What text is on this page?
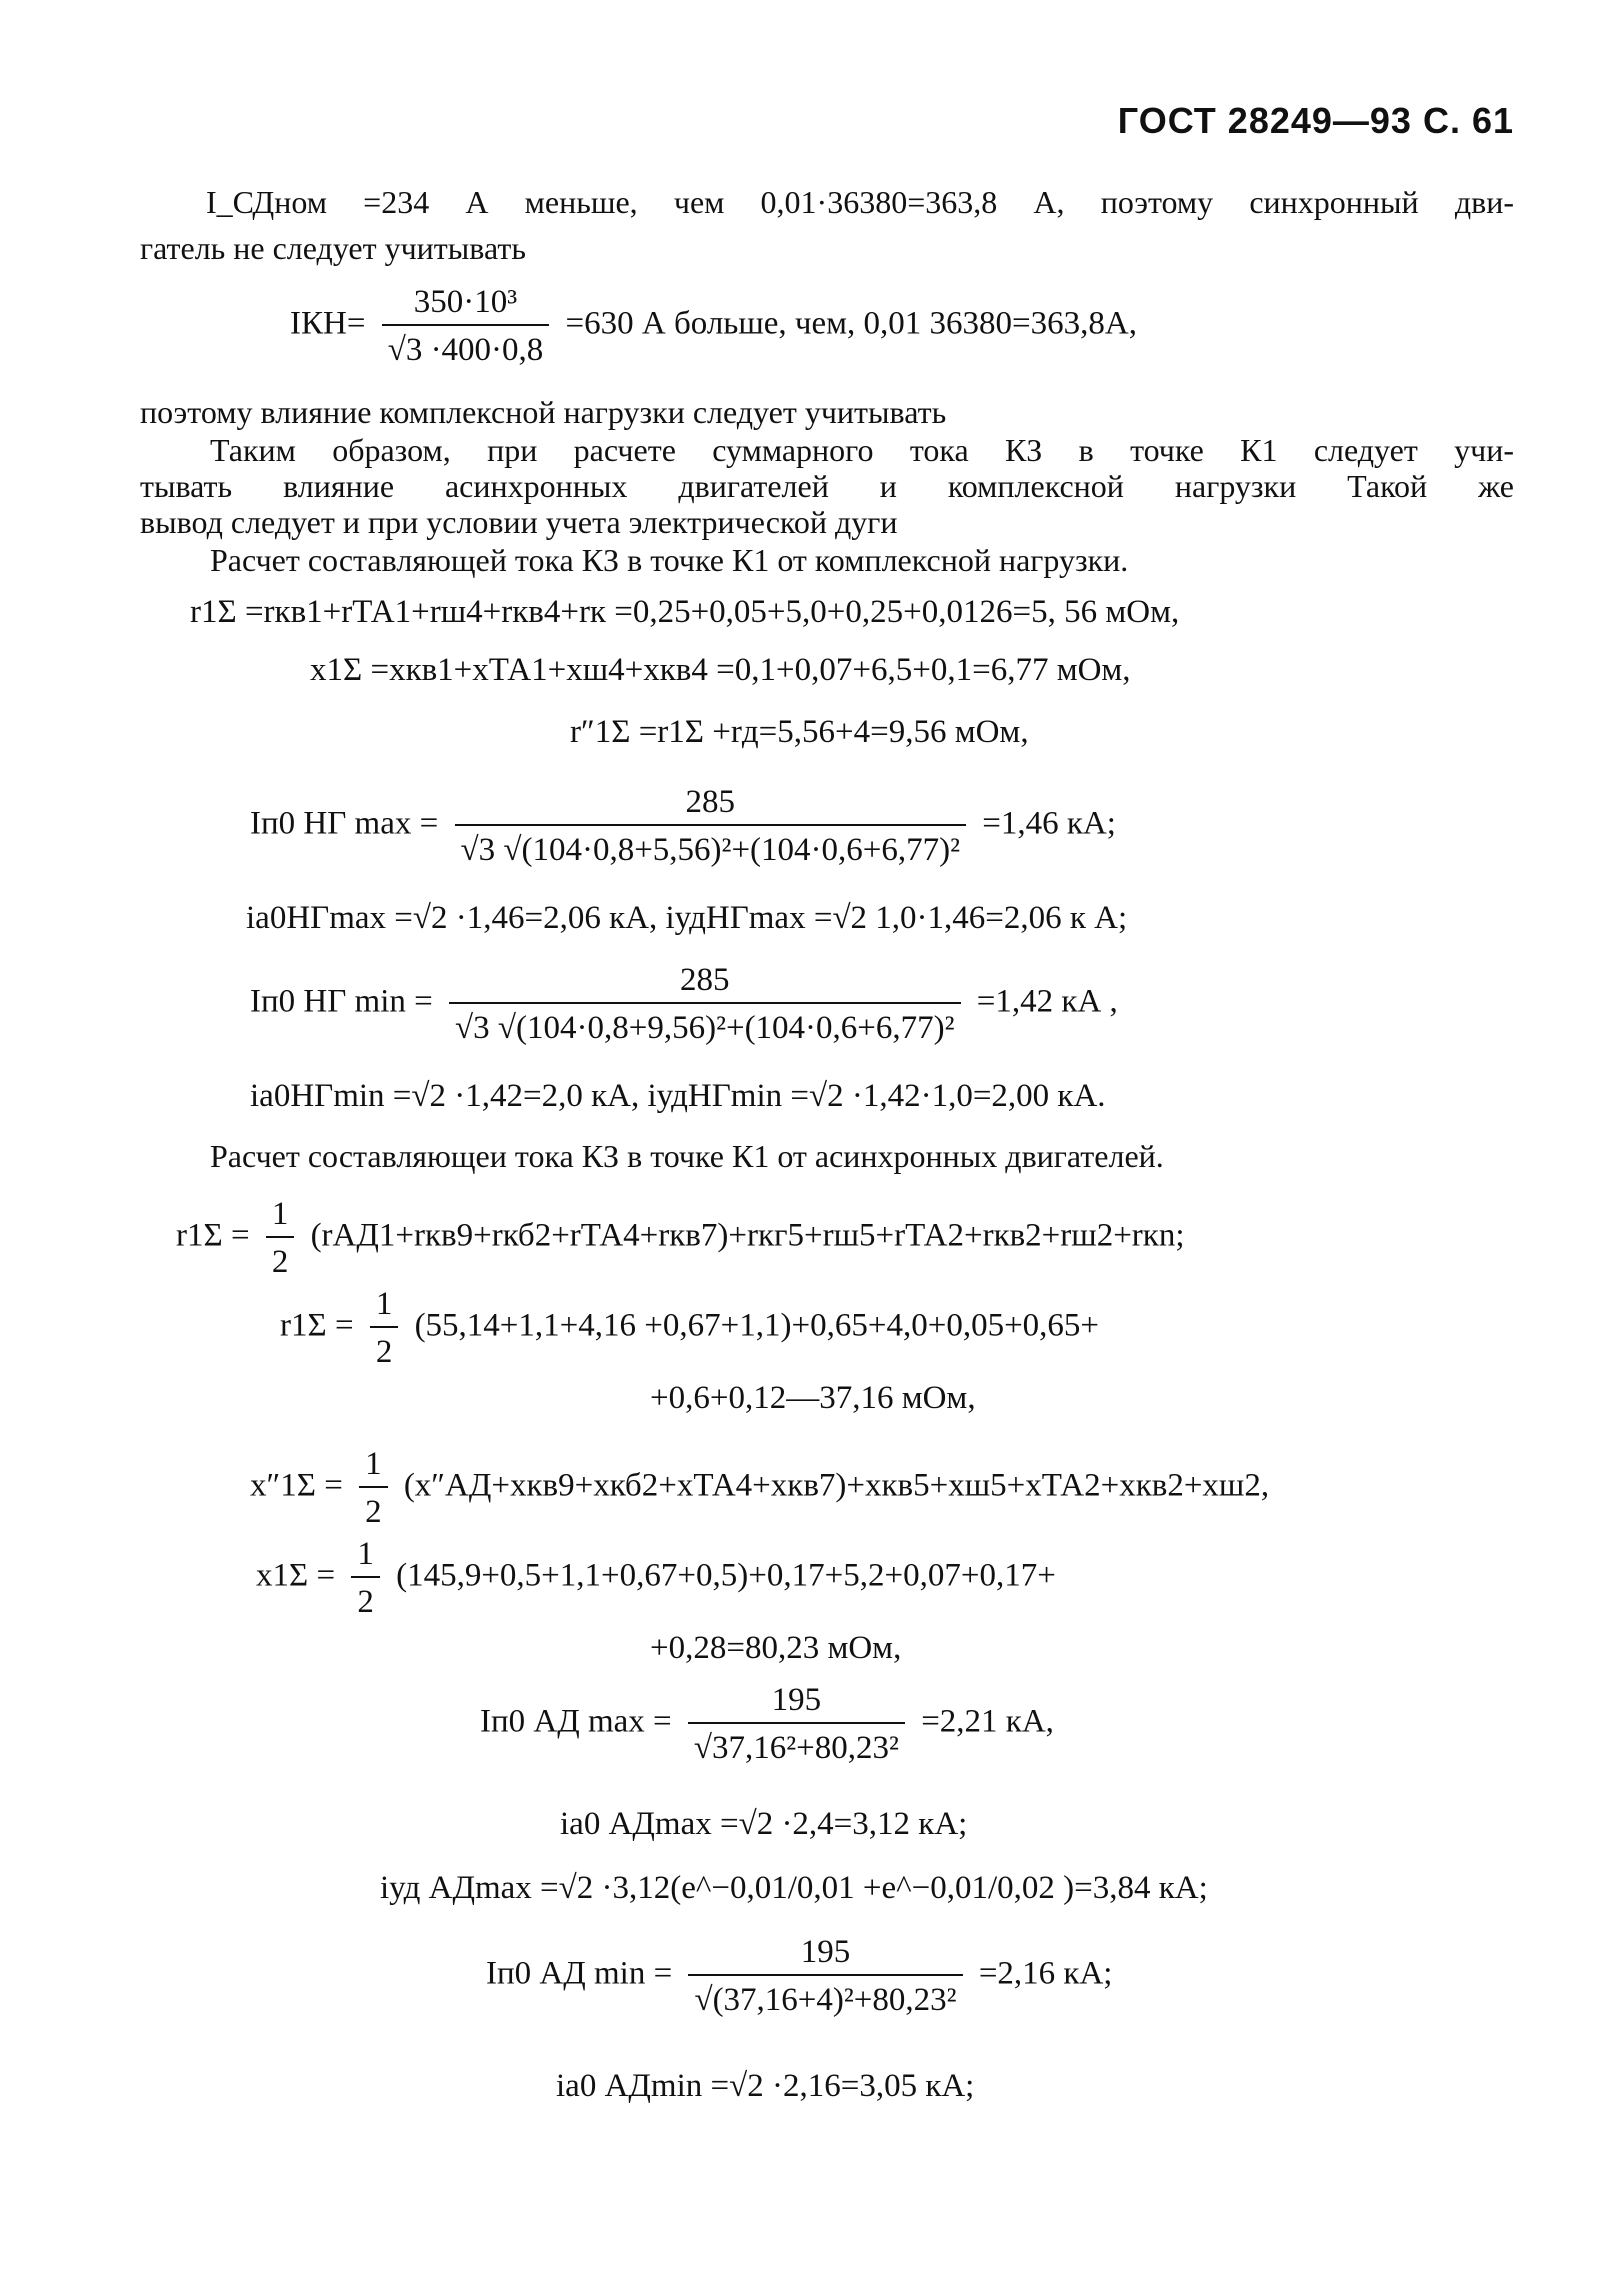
ГОСТ 28249—93 С. 61
I_СДном =234 А меньше, чем 0,01·36380=363,8 А, поэтому синхронный дви-
гатель не следует учитывать
$IКН= \frac{\text{350·10³}}{√3 \cdot 400\cdot 0,8} =630$ А больше, чем, 0,01 36380=363,8А,
поэтому влияние комплексной нагрузки следует учитывать
Таким образом, при расчете суммарного тока КЗ в точке К1 следует учи-
тывать влияние асинхронных двигателей и комплексной нагрузки Такой же
вывод следует и при условии учета электрической дуги
Расчет составляющей тока КЗ в точке К1 от комплексной нагрузки.
r1Σ =rкв1+rТА1+rш4+rкв4+rк =0,25+0,05+5,0+0,25+0,0126=5, 56 мОм,
x1Σ =xкв1+xТА1+xш4+xкв4 =0,1+0,07+6,5+0,1=6,77 мОм,
r″1Σ =r1Σ +rд=5,56+4=9,56 мОм,
Iп0 НГ $\max = \frac{285}{\text{√3 √(104·0,8+5,56)²+(104·0,6+6,77)²}} =1,46$ кА;
ia0НГmax =√2 ·1,46=2,06 кА, iудНГmax =√2 1,0·1,46=2,06 к А;
Iп0 НГ $\min = \frac{285}{\text{√3 √(104·0,8+9,56)²+(104·0,6+6,77)²}} =1,42$ кА ,
ia0НГmin =√2 ·1,42=2,0 кА, iудНГmin =√2 ·1,42·1,0=2,00 кА.
Расчет составляющеи тока КЗ в точке К1 от асинхронных двигателей.
$r1\Sigma = \frac{1}{2} (rАД1+rкв9+rкб2+rТА4+rкв7)+rкг5+rш5+rТА2+rкв2+rш2+rкn$;
$r1\Sigma = \frac{1}{2} (55,14+1,1+4,16 +0,67+1,1)+0,65+4,0+0,05+0,65+$
+0,6+0,12—37,16 мОм,
$x''1\Sigma = \frac{1}{2} (x''АД+xкв9+xкб2+xТА4+xкв7)+xкв5+xш5+xТА2+xкв2+xш2$,
$x1\Sigma = \frac{1}{2} (145,9+0,5+1,1+0,67+0,5)+0,17+5,2+0,07+0,17+$
+0,28=80,23 мОм,
Iп0 АД $\max = \frac{195}{\text{√37,16²+80,23²}} =2,21$ кА,
ia0 АДmax =√2 ·2,4=3,12 кА;
iуд АДmax =√2 ·3,12(e^−0,01/0,01 +e^−0,01/0,02 )=3,84 кА;
Iп0 АД $\min = \frac{195}{\text{√(37,16+4)²+80,23²}} =2,16$ кА;
ia0 АДmin =√2 ·2,16=3,05 кА;
